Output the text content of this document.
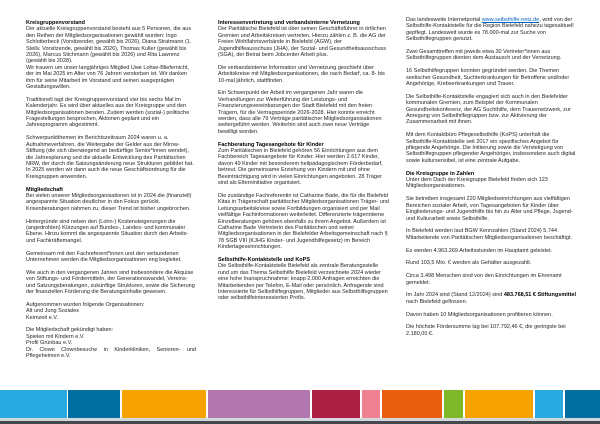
Kreisgruppenvorstand

Der aktuelle Kreisgruppenvorstand besteht aus 5 Personen, die aus den Reihen der Mitgliedsorganisationen gewählt wurden: Ingo Schlotterbeck (Vorsitzender, gewählt bis 2026), Diana Stratmann (1. Stellv. Vorsitzende, gewählt bis 2026), Thomas Kuller (gewählt bis 2026), Marcus Stichmann (gewählt bis 2026) und Rita Lawrenz (gewählt bis 2028).

Wir trauern um unser langjähriges Mitglied Uwe Lohse-Bliefernicht, der im Mai 2025 im Alter von 76 Jahren verstorben ist. Wir danken ihm für seine Mitarbeit im Vorstand und seinen ausgeprägten Gestaltungswillen.

Traditionell tagt der Kreisgruppenvorstand vier bis sechs Mal im Kalenderjahr. Es wird über aktuelles aus der Kreisgruppe und den Mitgliedsorganisationen beraten. Zudem werden (sozial-) politische Fragestellungen besprochen, Aktionen geplant und ein Jahresprogramm abgestimmt.

Schwerpunktthemen im Berichtszeitraum 2024 waren u. a. Aufnahmeverfahren, die Weitergabe der Gelder aus der Mirow-Stiftung (die sich überwiegend an bedürftige Senior*innen wendet), die Jahresplanung und die aktuelle Entwicklung des Paritätischen NRW, der durch die Satzungsänderung neue Strukturen gebildet hat. In 2025 werden wir dann auch die neue Geschäftsordnung für die Kreisgruppen anwenden.

Mitgliedschaft

Bei vielen unserer Mitgliedsorganisationen ist in 2024 die (finanziell) angespannte Situation deutlicher in den Fokus gerückt. Krisenberatungen nahmen zu, dieser Trend ist bisher ungebrochen.

Hintergründe sind neben den (Lohn-) Kostensteigerungen die (angedrohten) Kürzungen auf Bundes-, Landes- und kommunaler Ebene. Hinzu kommt die angespannte Situation durch den Arbeits- und Fachkräftemangel.

Gemeinsam mit den Fachreferent*innen und den verbundenen Unternehmen werden die Mitgliedsorganisationen eng begleitet.

Wie auch in den vergangenen Jahren sind insbesondere die Akquise von Stiftungs- und Fördermitteln, der Generationswandel, Vereins- und Satzungsberatungen, zukünftige Strukturen, sowie die Sicherung der finanziellen Förderung die Beratungsinhalte gewesen.

Aufgenommen wurden folgende Organisationen:
Alt und Jung Soziales
Keimzeit e.V.
Die Mitgliedschaft gekündigt haben:
Spielen mit Kindern e.V.
Profil Grünbau e.V.
Dr. Clown Clownbesuche in Kinderkliniken, Senioren- und Pflegeheimen e.V.
Interessenvertretung und verbandsinterne Vernetzung

Der Paritätische Bielefeld ist über seinen Geschäftsführer in örtlichen Gremien und Arbeitskreisen vertreten. Hierzu zählen z. B. die AG der Freien Wohlfahrtsverbände in Bielefeld (AGW), der Jugendhilfeausschuss (JHA), der Sozial- und Gesundheitsausschuss (SGA), der Beirat beim Jobcenter Arbeit plus.

Die verbandsinterne Information und Vernetzung geschieht über Arbeitskreise mit Mitgliedsorganisationen, die nach Bedarf, ca. 8- bis 10-mal jährlich, stattfinden.

Ein Schwerpunkt der Arbeit im vergangenen Jahr waren die Verhandlungen zur Weiterführung der Leistungs- und Finanzierungsvereinbarungen der Stadt Bielefeld mit den freien Trägern, für die Vertragsperiode 2026-2028. Hier konnte erreicht werden, dass alle 79 Verträge paritätischer Mitgliedsorganisationen weitergeführt werden. Weiterhin sind auch zwei neue Verträge bewilligt worden.

Fachberatung Tagesangebote für Kinder

Zum Paritätischen in Bielefeld gehören 56 Einrichtungen aus dem Fachbereich Tagesangebote für Kinder. Hier werden 2.617 Kinder, davon 49 Kinder mit besonderem heilpädagogischem Förderbedarf, betreut. Die gemeinsame Erziehung von Kindern mit und ohne Beeinträchtigung wird in vielen Einrichtungen angeboten. 28 Träger sind als Elterninitiative organisiert.

Die zuständige Fachreferentin ist Catharine Bade, die für die Bielefeld Kitas in Trägerschaft paritätischer Mitgliedsorganisationen Träger- und Leitungsarbeitskreise sowie Fortbildungen organisiert und per Mail vielfältige Fachinformationen weiterleitet. Differenzierte trägerinterne Einzelberatungen gehören ebenfalls zu ihrem Angebot. Außerdem ist Catharine Bade Vertreterin des Paritätischen und seiner Mitgliedsorganisationen in der Bielefelder Arbeitsgemeinschaft nach § 78 SGB VIII (KJHG Kinder- und Jugendhilfegesetz) im Bereich Kindertageseinrichtungen.

Selbsthilfe-Kontaktstelle und KoPS

Die Selbsthilfe-Kontaktstelle Bielefeld als zentrale Beratungsstelle rund um das Thema Selbsthilfe Bielefeld verzeichnete 2024 wieder eine hohe Inanspruchnahme: knapp 2.000 Anfragen erreichten die Mitarbeitenden per Telefon, E-Mail oder persönlich. Anfragende sind Interessierte für Selbsthilfegruppen, Mitglieder aus Selbsthilfegruppen oder selbsthilfeinteressierten Profis.

Das landesweite Internetportal www.selbsthilfe-netz.de, wird von der Selbsthilfe-Kontaktstelle für die Region Bielefeld nahezu tagesaktuell gepflegt. Landesweit wurde es 78.000-mal zur Suche von Selbsthilfegruppen genutzt.

Zwei Gesamttreffen mit jeweils etwa 30 Vertreter*innen aus Selbsthilfegruppen dienten dem Austausch und der Vernetzung.

16 Selbsthilfegruppen konnten gegründet werden. Die Themen seelischer Gesundheit, Suchterkrankungen für Betroffene und/oder Angehörige, Krebserkrankungen und Trauer.

Die Selbsthilfe-Kontaktstelle engagiert sich auch in den Bielefelder kommunalen Gremien, zum Beispiel der Kommunalen Gesundheitskonferenz, der AG Suchthilfe, dem Trauernetzwerk, zur Anregung von Selbsthilfegruppen bzw. zur Aktivierung der Zusammenarbeit mit ihnen.

Mit dem Kontaktbüro Pflegeselbsthilfe (KoPS) unterhält die Selbsthilfe-Kontaktstelle seit 2017 ein spezifisches Angebot für pflegende Angehörige. Die Initiierung sowie die Verstetigung von Selbsthilfegruppen pflegender Angehöriger, insbesondere auch digital sowie kultursensibel, ist eine zentrale Aufgabe.

Die Kreisgruppe in Zahlen

Unter dem Dach der Kreisgruppe Bielefeld finden sich 123 Mitgliedsorganisationen.

Sie betreiben insgesamt 220 Mitgliedseinrichtungen aus vielfältigen Bereichen sozialer Arbeit, von Tagesangeboten für Kinder über Eingliederungs- und Jugendhilfe bis hin zu Alter und Pflege, Jugend- und Kulturarbeit sowie Selbsthilfe.

In Bielefeld werden laut BGW Kennzahlen (Stand 2024) 5.744 Mitarbeitende von Paritätischen Mitgliedsorganisationen beschäftigt.

Es werden 4.963.269 Arbeitsstunden im Hauptamt geleistet.

Rund 103,5 Mio. € werden als Gehälter ausgezahlt.

Circa 3.498 Menschen sind von den Einrichtungen im Ehrenamt gemeldet.

Im Jahr 2024 sind (Stand 12/2024) sind 483.768,51 € Stiftungsmittel nach Bielefeld geflossen.

Davon haben 10 Mitgliedsorganisationen profitieren können.

Die höchste Fördersumme lag bei 107.792,46 €, die geringste bei 2.180,00 €.
